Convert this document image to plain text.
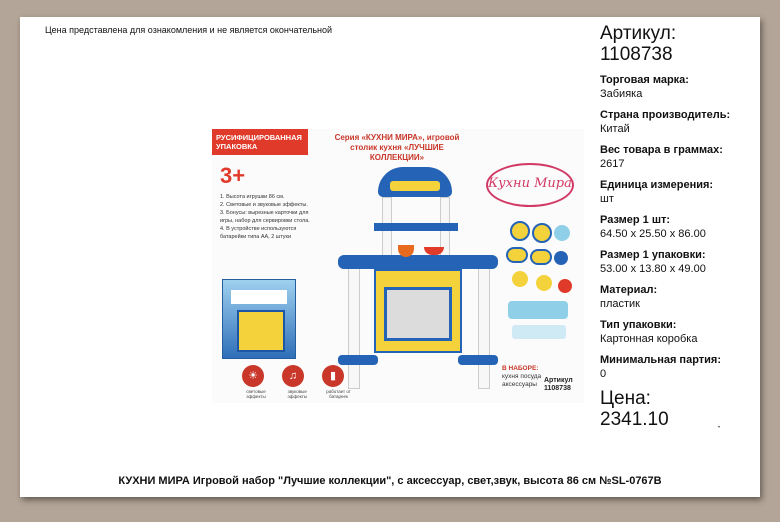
Цена представлена для ознакомления и не является окончательной
РУСИФИЦИРОВАННАЯ УПАКОВКА
3+
1. Высота игрушки 86 см.
2. Световые и звуковые эффекты.
3. Бонусы: вырезные карточки для игры, набор для сервировки стола.
4. В устройстве используются батарейки типа АА, 2 штуки
Серия «КУХНИ МИРА», игровой столик кухня «ЛУЧШИЕ КОЛЛЕКЦИИ»
Кухни Мира
☀	♫	▮
световые эффекты звуковые эффекты работает от батареек
В НАБОРЕ:
кухня посуда аксессуары
Артикул
1108738
Артикул:
1108738
Торговая марка:
Забияка
Страна производитель:
Китай
Вес товара в граммах:
2617
Единица измерения:
шт
Размер 1 шт:
64.50 x 25.50 x 86.00
Размер 1 упаковки:
53.00 x 13.80 x 49.00
Материал:
пластик
Тип упаковки:
Картонная коробка
Минимальная партия:
0
Цена:
2341.10	•
КУХНИ МИРА Игровой набор "Лучшие коллекции", с аксессуар, свет,звук, высота 86 см №SL-0767B
